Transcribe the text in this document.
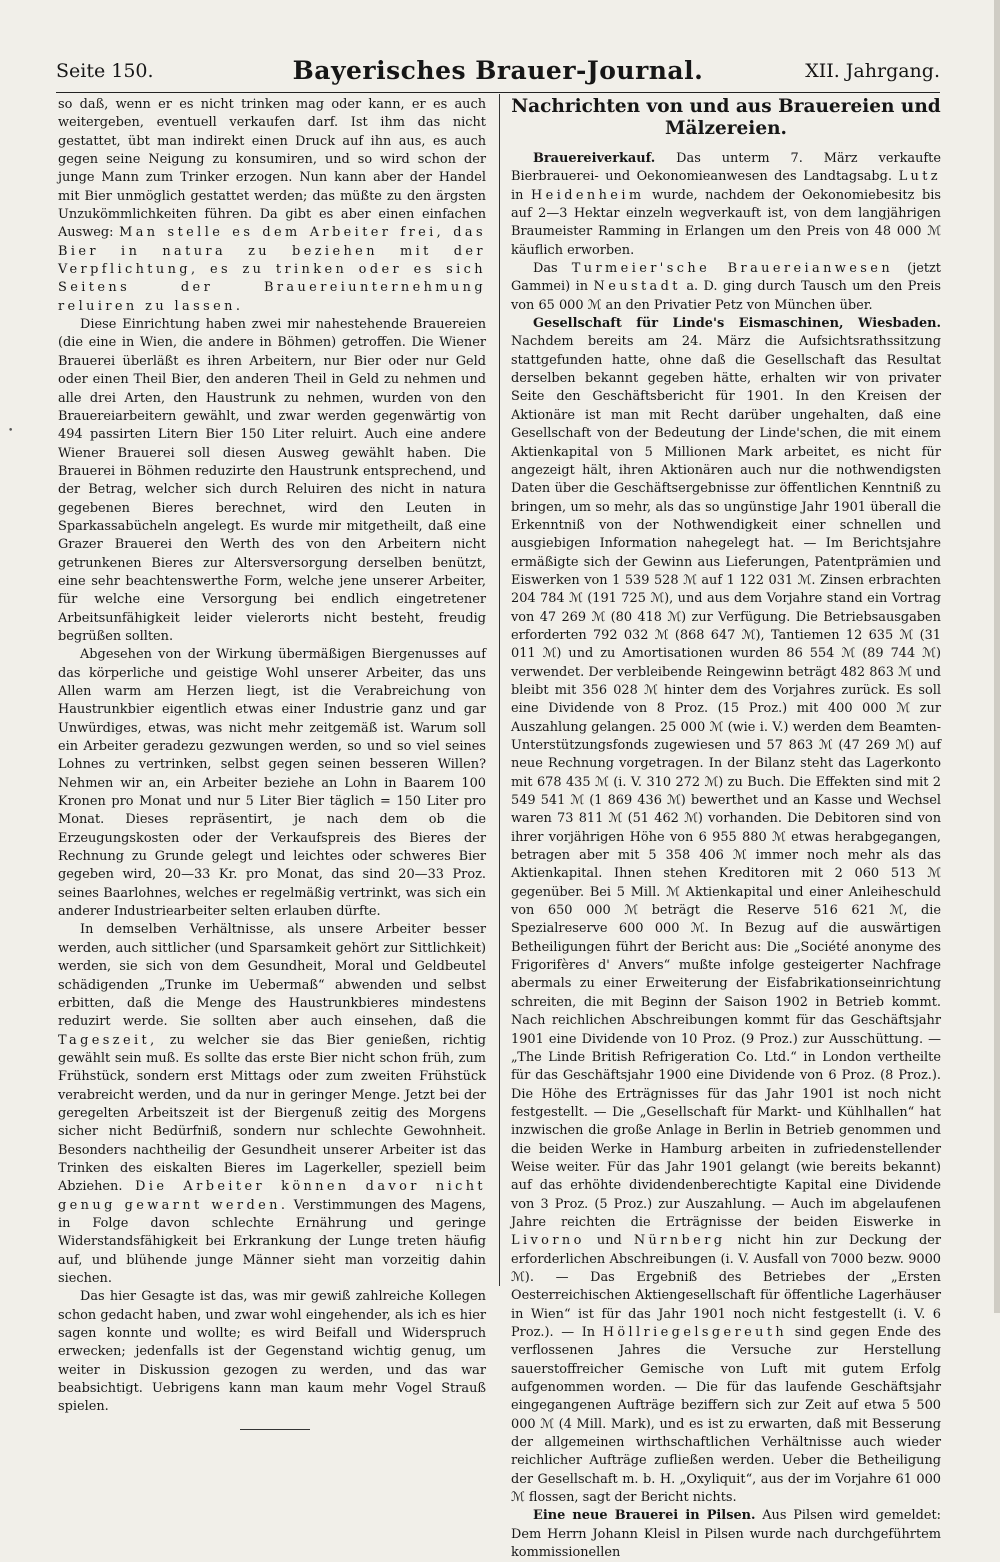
Seite 150.	Bayerisches Brauer-Journal.	XII. Jahrgang.
•

so daß, wenn er es nicht trinken mag oder kann, er es auch weitergeben, eventuell verkaufen darf. Ist ihm das nicht gestattet, übt man indirekt einen Druck auf ihn aus, es auch gegen seine Neigung zu konsumiren, und so wird schon der junge Mann zum Trinker erzogen. Nun kann aber der Handel mit Bier unmöglich gestattet werden; das müßte zu den ärgsten Unzukömmlichkeiten führen. Da gibt es aber einen einfachen Ausweg: Man stelle es dem Arbeiter frei, das Bier in natura zu beziehen mit der Verpflichtung, es zu trinken oder es sich Seitens der Brauereiunternehmung reluiren zu lassen.

Diese Einrichtung haben zwei mir nahestehende Brauereien (die eine in Wien, die andere in Böhmen) getroffen. Die Wiener Brauerei überläßt es ihren Arbeitern, nur Bier oder nur Geld oder einen Theil Bier, den anderen Theil in Geld zu nehmen und alle drei Arten, den Haustrunk zu nehmen, wurden von den Brauereiarbeitern gewählt, und zwar werden gegenwärtig von 494 passirten Litern Bier 150 Liter reluirt. Auch eine andere Wiener Brauerei soll diesen Ausweg gewählt haben. Die Brauerei in Böhmen reduzirte den Haustrunk entsprechend, und der Betrag, welcher sich durch Reluiren des nicht in natura gegebenen Bieres berechnet, wird den Leuten in Sparkassabücheln angelegt. Es wurde mir mitgetheilt, daß eine Grazer Brauerei den Werth des von den Arbeitern nicht getrunkenen Bieres zur Altersversorgung derselben benützt, eine sehr beachtenswerthe Form, welche jene unserer Arbeiter, für welche eine Versorgung bei endlich eingetretener Arbeitsunfähigkeit leider vielerorts nicht besteht, freudig begrüßen sollten.

Abgesehen von der Wirkung übermäßigen Biergenusses auf das körperliche und geistige Wohl unserer Arbeiter, das uns Allen warm am Herzen liegt, ist die Verabreichung von Haustrunkbier eigentlich etwas einer Industrie ganz und gar Unwürdiges, etwas, was nicht mehr zeitgemäß ist. Warum soll ein Arbeiter geradezu gezwungen werden, so und so viel seines Lohnes zu vertrinken, selbst gegen seinen besseren Willen? Nehmen wir an, ein Arbeiter beziehe an Lohn in Baarem 100 Kronen pro Monat und nur 5 Liter Bier täglich = 150 Liter pro Monat. Dieses repräsentirt, je nach dem ob die Erzeugungskosten oder der Verkaufspreis des Bieres der Rechnung zu Grunde gelegt und leichtes oder schweres Bier gegeben wird, 20—33 Kr. pro Monat, das sind 20—33 Proz. seines Baarlohnes, welches er regelmäßig vertrinkt, was sich ein anderer Industriearbeiter selten erlauben dürfte.

In demselben Verhältnisse, als unsere Arbeiter besser werden, auch sittlicher (und Sparsamkeit gehört zur Sittlichkeit) werden, sie sich von dem Gesundheit, Moral und Geldbeutel schädigenden „Trunke im Uebermaß“ abwenden und selbst erbitten, daß die Menge des Haustrunkbieres mindestens reduzirt werde. Sie sollten aber auch einsehen, daß die Tageszeit, zu welcher sie das Bier genießen, richtig gewählt sein muß. Es sollte das erste Bier nicht schon früh, zum Frühstück, sondern erst Mittags oder zum zweiten Frühstück verabreicht werden, und da nur in geringer Menge. Jetzt bei der geregelten Arbeitszeit ist der Biergenuß zeitig des Morgens sicher nicht Bedürfniß, sondern nur schlechte Gewohnheit. Besonders nachtheilig der Gesundheit unserer Arbeiter ist das Trinken des eiskalten Bieres im Lagerkeller, speziell beim Abziehen. Die Arbeiter können davor nicht genug gewarnt werden. Verstimmungen des Magens, in Folge davon schlechte Ernährung und geringe Widerstandsfähigkeit bei Erkrankung der Lunge treten häufig auf, und blühende junge Männer sieht man vorzeitig dahin siechen.

Das hier Gesagte ist das, was mir gewiß zahlreiche Kollegen schon gedacht haben, und zwar wohl eingehender, als ich es hier sagen konnte und wollte; es wird Beifall und Widerspruch erwecken; jedenfalls ist der Gegenstand wichtig genug, um weiter in Diskussion gezogen zu werden, und das war beabsichtigt. Uebrigens kann man kaum mehr Vogel Strauß spielen.

Nachrichten von und aus Brauereien und Mälzereien.

Brauereiverkauf. Das unterm 7. März verkaufte Bierbrauerei- und Oekonomieanwesen des Landtagsabg. Lutz in Heidenheim wurde, nachdem der Oekonomiebesitz bis auf 2—3 Hektar einzeln wegverkauft ist, von dem langjährigen Braumeister Ramming in Erlangen um den Preis von 48 000 ℳ käuflich erworben.

Das Turmeier'sche Brauereianwesen (jetzt Gammei) in Neustadt a. D. ging durch Tausch um den Preis von 65 000 ℳ an den Privatier Petz von München über.

Gesellschaft für Linde's Eismaschinen, Wiesbaden. Nachdem bereits am 24. März die Aufsichtsrathssitzung stattgefunden hatte, ohne daß die Gesellschaft das Resultat derselben bekannt gegeben hätte, erhalten wir von privater Seite den Geschäftsbericht für 1901. In den Kreisen der Aktionäre ist man mit Recht darüber ungehalten, daß eine Gesellschaft von der Bedeutung der Linde'schen, die mit einem Aktienkapital von 5 Millionen Mark arbeitet, es nicht für angezeigt hält, ihren Aktionären auch nur die nothwendigsten Daten über die Geschäftsergebnisse zur öffentlichen Kenntniß zu bringen, um so mehr, als das so ungünstige Jahr 1901 überall die Erkenntniß von der Nothwendigkeit einer schnellen und ausgiebigen Information nahegelegt hat. — Im Berichtsjahre ermäßigte sich der Gewinn aus Lieferungen, Patentprämien und Eiswerken von 1 539 528 ℳ auf 1 122 031 ℳ. Zinsen erbrachten 204 784 ℳ (191 725 ℳ), und aus dem Vorjahre stand ein Vortrag von 47 269 ℳ (80 418 ℳ) zur Verfügung. Die Betriebsausgaben erforderten 792 032 ℳ (868 647 ℳ), Tantiemen 12 635 ℳ (31 011 ℳ) und zu Amortisationen wurden 86 554 ℳ (89 744 ℳ) verwendet. Der verbleibende Reingewinn beträgt 482 863 ℳ und bleibt mit 356 028 ℳ hinter dem des Vorjahres zurück. Es soll eine Dividende von 8 Proz. (15 Proz.) mit 400 000 ℳ zur Auszahlung gelangen. 25 000 ℳ (wie i. V.) werden dem Beamten-Unterstützungsfonds zugewiesen und 57 863 ℳ (47 269 ℳ) auf neue Rechnung vorgetragen. In der Bilanz steht das Lagerkonto mit 678 435 ℳ (i. V. 310 272 ℳ) zu Buch. Die Effekten sind mit 2 549 541 ℳ (1 869 436 ℳ) bewerthet und an Kasse und Wechsel waren 73 811 ℳ (51 462 ℳ) vorhanden. Die Debitoren sind von ihrer vorjährigen Höhe von 6 955 880 ℳ etwas herabgegangen, betragen aber mit 5 358 406 ℳ immer noch mehr als das Aktienkapital. Ihnen stehen Kreditoren mit 2 060 513 ℳ gegenüber. Bei 5 Mill. ℳ Aktienkapital und einer Anleiheschuld von 650 000 ℳ beträgt die Reserve 516 621 ℳ, die Spezialreserve 600 000 ℳ. In Bezug auf die auswärtigen Betheiligungen führt der Bericht aus: Die „Société anonyme des Frigorifères d' Anvers“ mußte infolge gesteigerter Nachfrage abermals zu einer Erweiterung der Eisfabrikationseinrichtung schreiten, die mit Beginn der Saison 1902 in Betrieb kommt. Nach reichlichen Abschreibungen kommt für das Geschäftsjahr 1901 eine Dividende von 10 Proz. (9 Proz.) zur Ausschüttung. — „The Linde British Refrigeration Co. Ltd.“ in London vertheilte für das Geschäftsjahr 1900 eine Dividende von 6 Proz. (8 Proz.). Die Höhe des Erträgnisses für das Jahr 1901 ist noch nicht festgestellt. — Die „Gesellschaft für Markt- und Kühlhallen“ hat inzwischen die große Anlage in Berlin in Betrieb genommen und die beiden Werke in Hamburg arbeiten in zufriedenstellender Weise weiter. Für das Jahr 1901 gelangt (wie bereits bekannt) auf das erhöhte dividendenberechtigte Kapital eine Dividende von 3 Proz. (5 Proz.) zur Auszahlung. — Auch im abgelaufenen Jahre reichten die Erträgnisse der beiden Eiswerke in Livorno und Nürnberg nicht hin zur Deckung der erforderlichen Abschreibungen (i. V. Ausfall von 7000 bezw. 9000 ℳ). — Das Ergebniß des Betriebes der „Ersten Oesterreichischen Aktiengesellschaft für öffentliche Lagerhäuser in Wien“ ist für das Jahr 1901 noch nicht festgestellt (i. V. 6 Proz.). — In Höllriegelsgereuth sind gegen Ende des verflossenen Jahres die Versuche zur Herstellung sauerstoffreicher Gemische von Luft mit gutem Erfolg aufgenommen worden. — Die für das laufende Geschäftsjahr eingegangenen Aufträge beziffern sich zur Zeit auf etwa 5 500 000 ℳ (4 Mill. Mark), und es ist zu erwarten, daß mit Besserung der allgemeinen wirthschaftlichen Verhältnisse auch wieder reichlicher Aufträge zufließen werden. Ueber die Betheiligung der Gesellschaft m. b. H. „Oxyliquit“, aus der im Vorjahre 61 000 ℳ flossen, sagt der Bericht nichts.

Eine neue Brauerei in Pilsen. Aus Pilsen wird gemeldet: Dem Herrn Johann Kleisl in Pilsen wurde nach durchgeführtem kommissionellen
